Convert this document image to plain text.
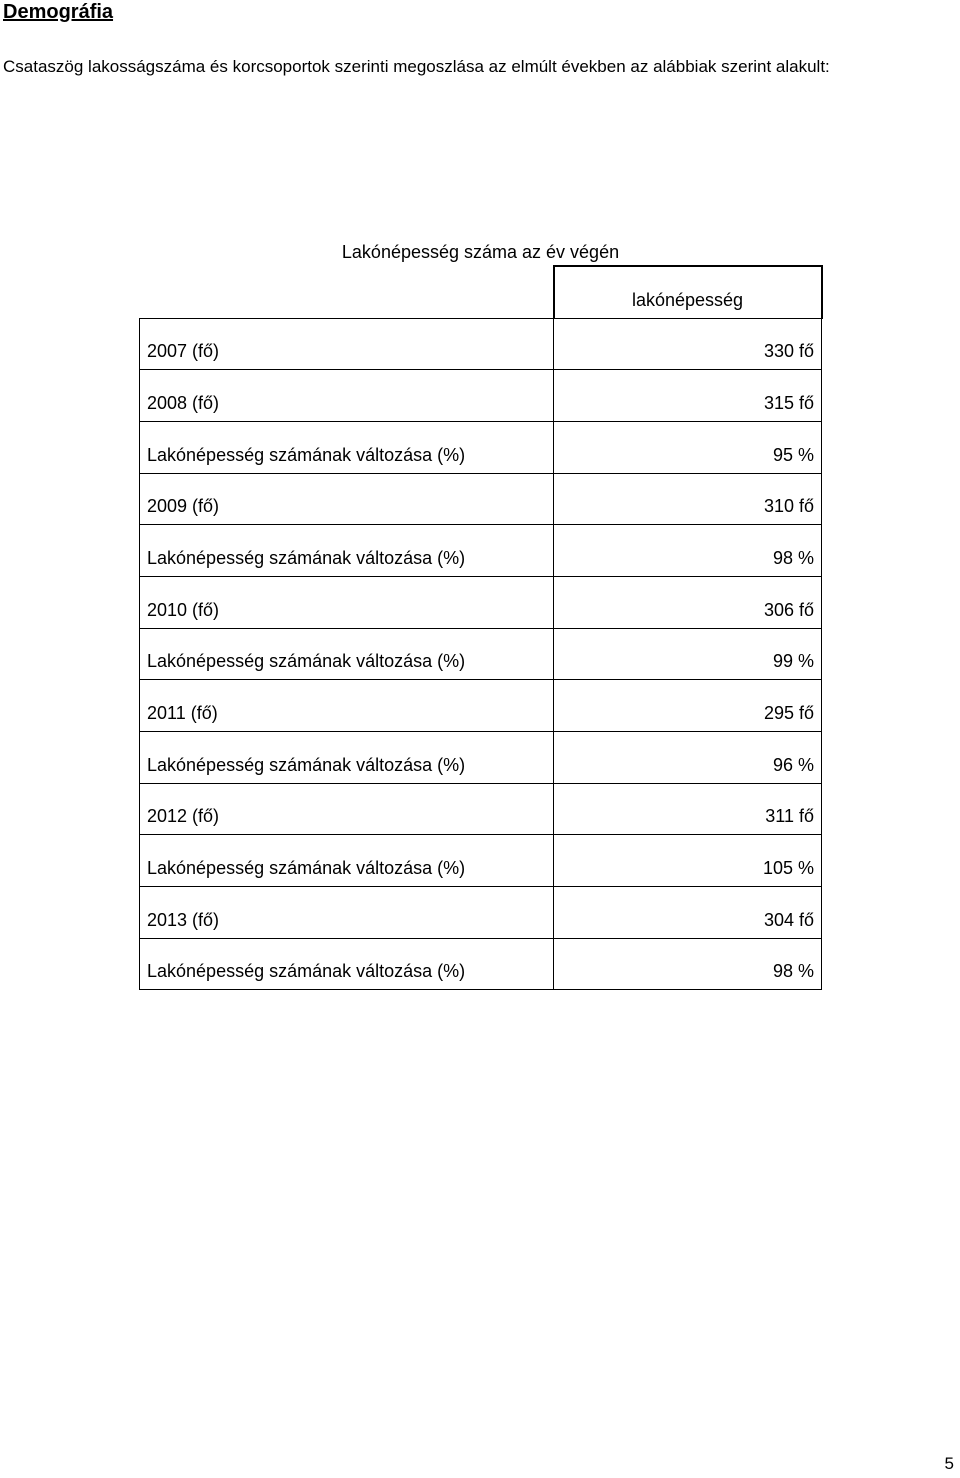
Demográfia
Csataszög lakosságszáma és korcsoportok szerinti megoszlása az elmúlt években az alábbiak szerint alakult:
Lakónépesség száma az év végén
	lakónépesség
2007 (fő)	330 fő
2008 (fő)	315 fő
Lakónépesség számának változása (%)	95 %
2009 (fő)	310 fő
Lakónépesség számának változása (%)	98 %
2010 (fő)	306 fő
Lakónépesség számának változása (%)	99 %
2011 (fő)	295 fő
Lakónépesség számának változása (%)	96 %
2012 (fő)	311 fő
Lakónépesség számának változása (%)	105 %
2013 (fő)	304 fő
Lakónépesség számának változása (%)	98 %
5
